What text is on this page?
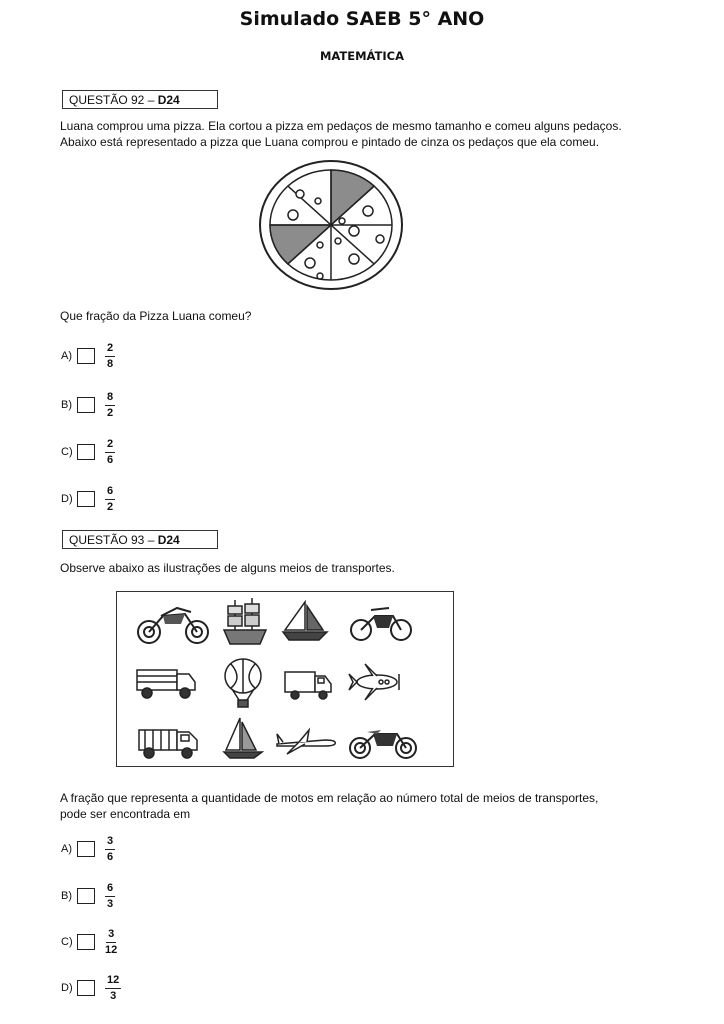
Simulado SAEB 5° ANO
MATEMÁTICA
QUESTÃO 92 – D24
Luana comprou uma pizza. Ela cortou a pizza em pedaços de mesmo tamanho e comeu alguns pedaços.
Abaixo está representado a pizza que Luana comprou e pintado de cinza os pedaços que ela comeu.
Que fração da Pizza Luana comeu?
A)	$\frac{2}{8}$
B)	$\frac{8}{2}$
C)	$\frac{2}{6}$
D)	$\frac{6}{2}$
QUESTÃO 93 – D24
Observe abaixo as ilustrações de alguns meios de transportes.
A fração que representa a quantidade de motos em relação ao número total de meios de transportes,
pode ser encontrada em
A)	$\frac{3}{6}$
B)	$\frac{6}{3}$
C)	$\frac{3}{12}$
D)	$\frac{12}{3}$
